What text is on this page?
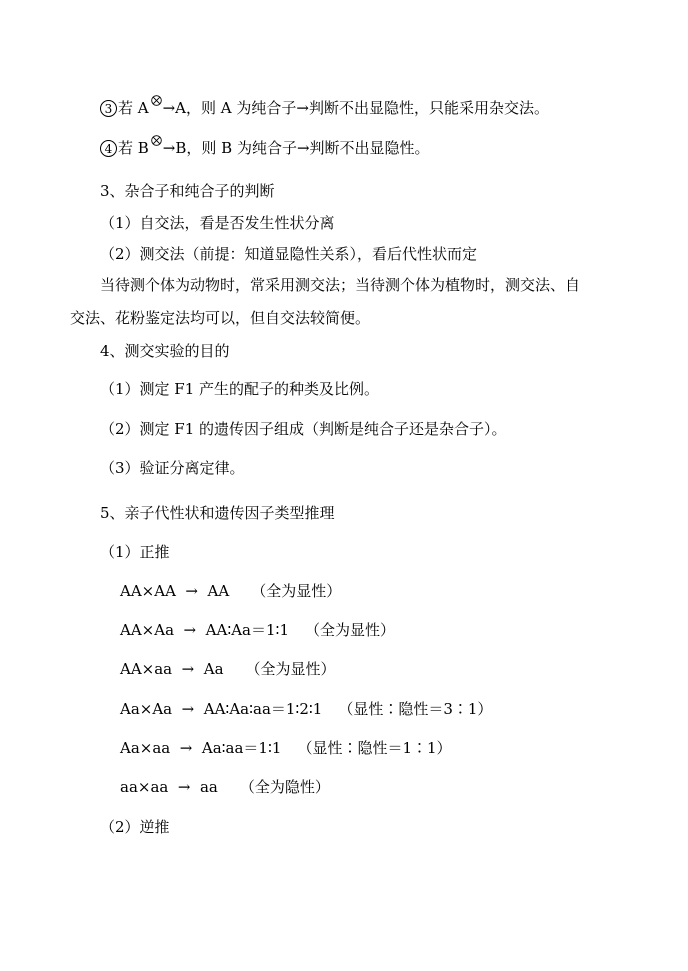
3 若 A →A，则 A 为纯合子→判断不出显隐性，只能采用杂交法。
4 若 B →B，则 B 为纯合子→判断不出显隐性。
3、杂合子和纯合子的判断
（1）自交法，看是否发生性状分离
（2）测交法（前提：知道显隐性关系），看后代性状而定
当待测个体为动物时，常采用测交法；当待测个体为植物时，测交法、自
交法、花粉鉴定法均可以，但自交法较简便。
4、测交实验的目的
（1）测定 F1 产生的配子的种类及比例。
（2）测定 F1 的遗传因子组成（判断是纯合子还是杂合子）。
（3）验证分离定律。
5、亲子代性状和遗传因子类型推理
（1）正推
AA×AA  →  AA （全为显性）
AA×Aa  →  AA∶Aa＝1∶1 （全为显性）
AA×aa  →  Aa （全为显性）
Aa×Aa  →  AA∶Aa∶aa＝1∶2∶1 （显性∶隐性＝3∶1）
Aa×aa  →  Aa∶aa＝1∶1 （显性∶隐性＝1∶1）
aa×aa  →  aa （全为隐性）
（2）逆推
